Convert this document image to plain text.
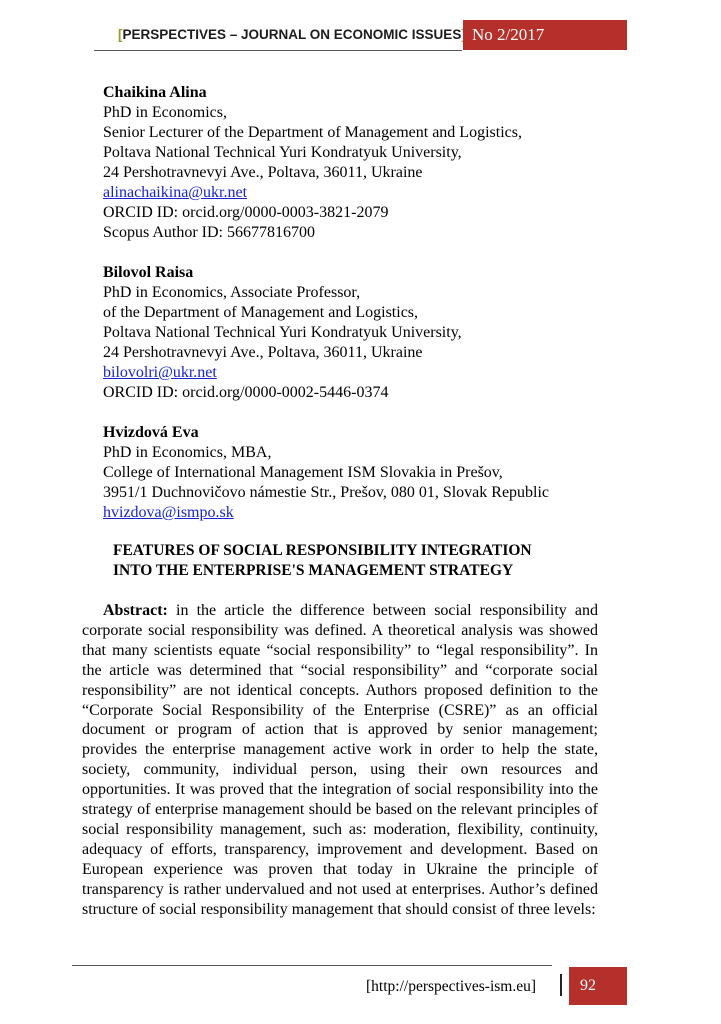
[PERSPECTIVES – JOURNAL ON ECONOMIC ISSUES No 2/2017
Chaikina Alina
PhD in Economics,
Senior Lecturer of the Department of Management and Logistics,
Poltava National Technical Yuri Kondratyuk University,
24 Pershotravnevyi Ave., Poltava, 36011, Ukraine
alinachaikina@ukr.net
ORCID ID: orcid.org/0000-0003-3821-2079
Scopus Author ID: 56677816700
Bilovol Raisa
PhD in Economics, Associate Professor,
of the Department of Management and Logistics,
Poltava National Technical Yuri Kondratyuk University,
24 Pershotravnevyi Ave., Poltava, 36011, Ukraine
bilovolri@ukr.net
ORCID ID: orcid.org/0000-0002-5446-0374
Hvizdová Eva
PhD in Economics, MBA,
College of International Management ISM Slovakia in Prešov,
3951/1 Duchnovičovo námestie Str., Prešov, 080 01, Slovak Republic
hvizdova@ismpo.sk
FEATURES OF SOCIAL RESPONSIBILITY INTEGRATION
INTO THE ENTERPRISE'S MANAGEMENT STRATEGY
Abstract: in the article the difference between social responsibility and corporate social responsibility was defined. A theoretical analysis was showed that many scientists equate “social responsibility” to “legal responsibility”. In the article was determined that “social responsibility” and “corporate social responsibility” are not identical concepts. Authors proposed definition to the “Corporate Social Responsibility of the Enterprise (CSRE)” as an official document or program of action that is approved by senior management; provides the enterprise management active work in order to help the state, society, community, individual person, using their own resources and opportunities. It was proved that the integration of social responsibility into the strategy of enterprise management should be based on the relevant principles of social responsibility management, such as: moderation, flexibility, continuity, adequacy of efforts, transparency, improvement and development. Based on European experience was proven that today in Ukraine the principle of transparency is rather undervalued and not used at enterprises. Author’s defined structure of social responsibility management that should consist of three levels:
[http://perspectives-ism.eu]	92
